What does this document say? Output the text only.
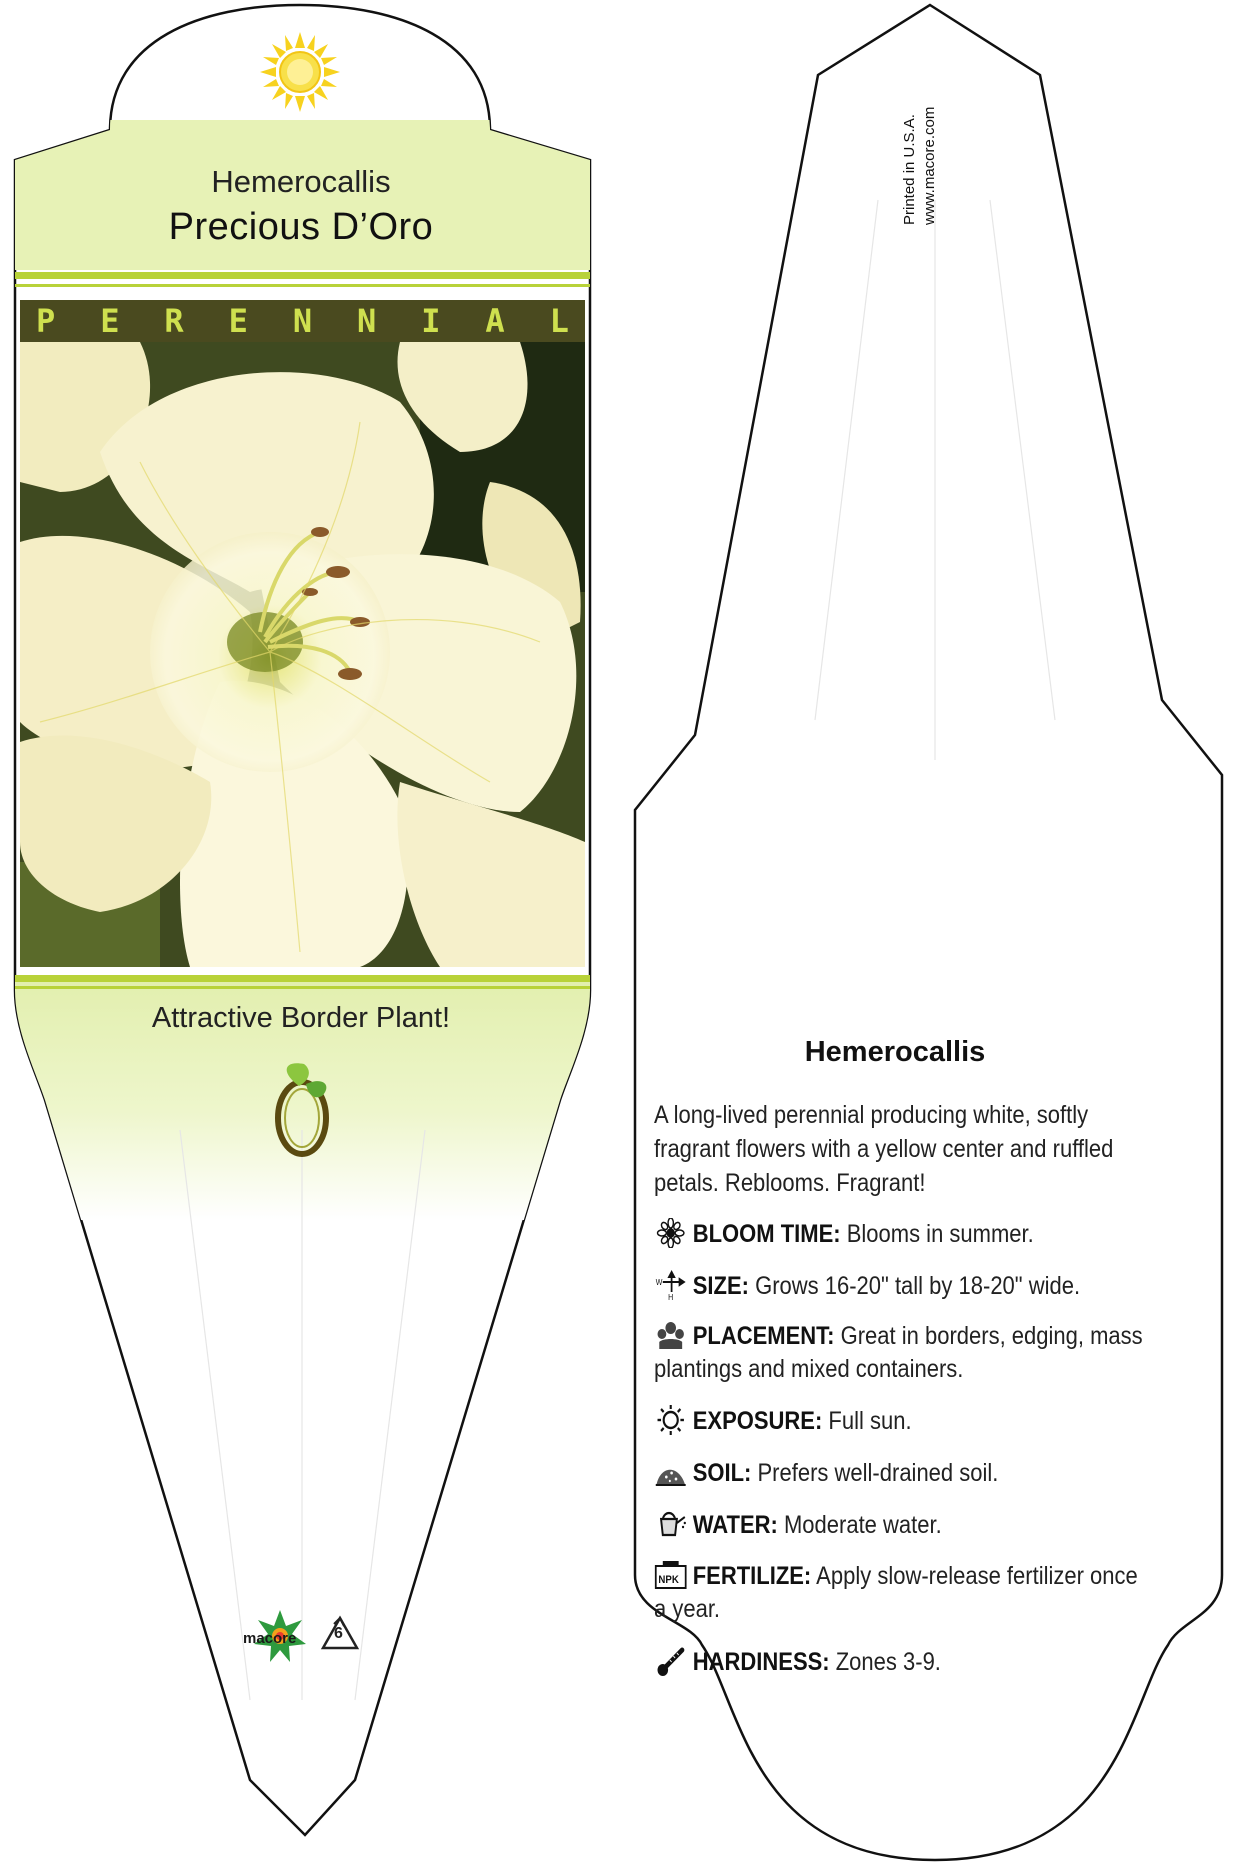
Hemerocallis
Precious D’Oro
P E R E N N I A L
Attractive Border Plant!
macore 6
Printed in U.S.A. www.macore.com
Hemerocallis
A long-lived perennial producing white, softly fragrant flowers with a yellow center and ruffled petals. Reblooms. Fragrant!
BLOOM TIME: Blooms in summer.
W
H SIZE: Grows 16-20" tall by 18-20" wide.
PLACEMENT: Great in borders, edging, mass plantings and mixed containers.
EXPOSURE: Full sun.
SOIL: Prefers well-drained soil.
WATER: Moderate water.
NPK FERTILIZE: Apply slow-release fertilizer once a year.
HARDINESS: Zones 3-9.
